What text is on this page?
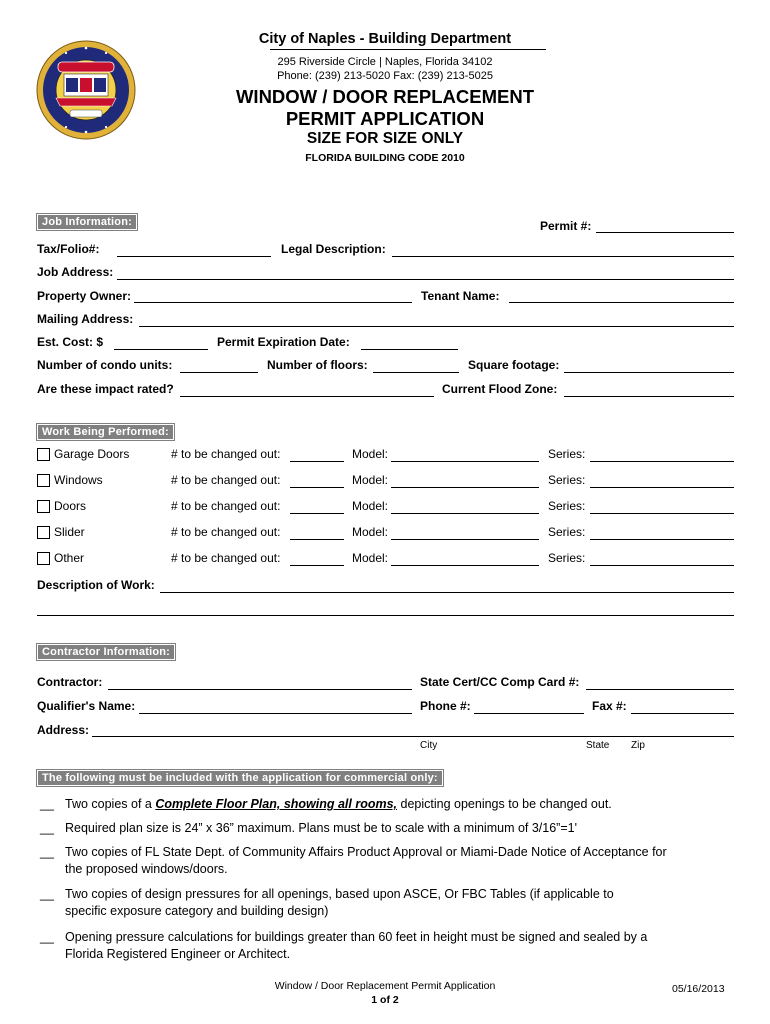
City of Naples - Building Department
295 Riverside Circle | Naples, Florida 34102
Phone: (239) 213-5020 Fax: (239) 213-5025
WINDOW / DOOR REPLACEMENT
PERMIT APPLICATION
SIZE FOR SIZE ONLY
FLORIDA BUILDING CODE 2010
Job Information:	Permit #:
Tax/Folio#:	Legal Description:
Job Address:
Property Owner:	Tenant Name:
Mailing Address:
Est. Cost: $	Permit Expiration Date:
Number of condo units:	Number of floors:	Square footage:
Are these impact rated?	Current Flood Zone:
Work Being Performed:
Garage Doors	# to be changed out:	Model:	Series:
Windows	# to be changed out:	Model:	Series:
Doors	# to be changed out:	Model:	Series:
Slider	# to be changed out:	Model:	Series:
Other	# to be changed out:	Model:	Series:
Description of Work:
Contractor Information:
Contractor:	State Cert/CC Comp Card #:
Qualifier's Name:	Phone #:	Fax #:
Address:
City	State Zip
The following must be included with the application for commercial only:
__ Two copies of a Complete Floor Plan, showing all rooms, depicting openings to be changed out.
__ Required plan size is 24” x 36” maximum. Plans must be to scale with a minimum of 3/16”=1'
__ Two copies of FL State Dept. of Community Affairs Product Approval or Miami-Dade Notice of Acceptance for
the proposed windows/doors.
__ Two copies of design pressures for all openings, based upon ASCE, Or FBC Tables (if applicable to
specific exposure category and building design)
__ Opening pressure calculations for buildings greater than 60 feet in height must be signed and sealed by a
Florida Registered Engineer or Architect.
Window / Door Replacement Permit Application
1 of 2
05/16/2013
